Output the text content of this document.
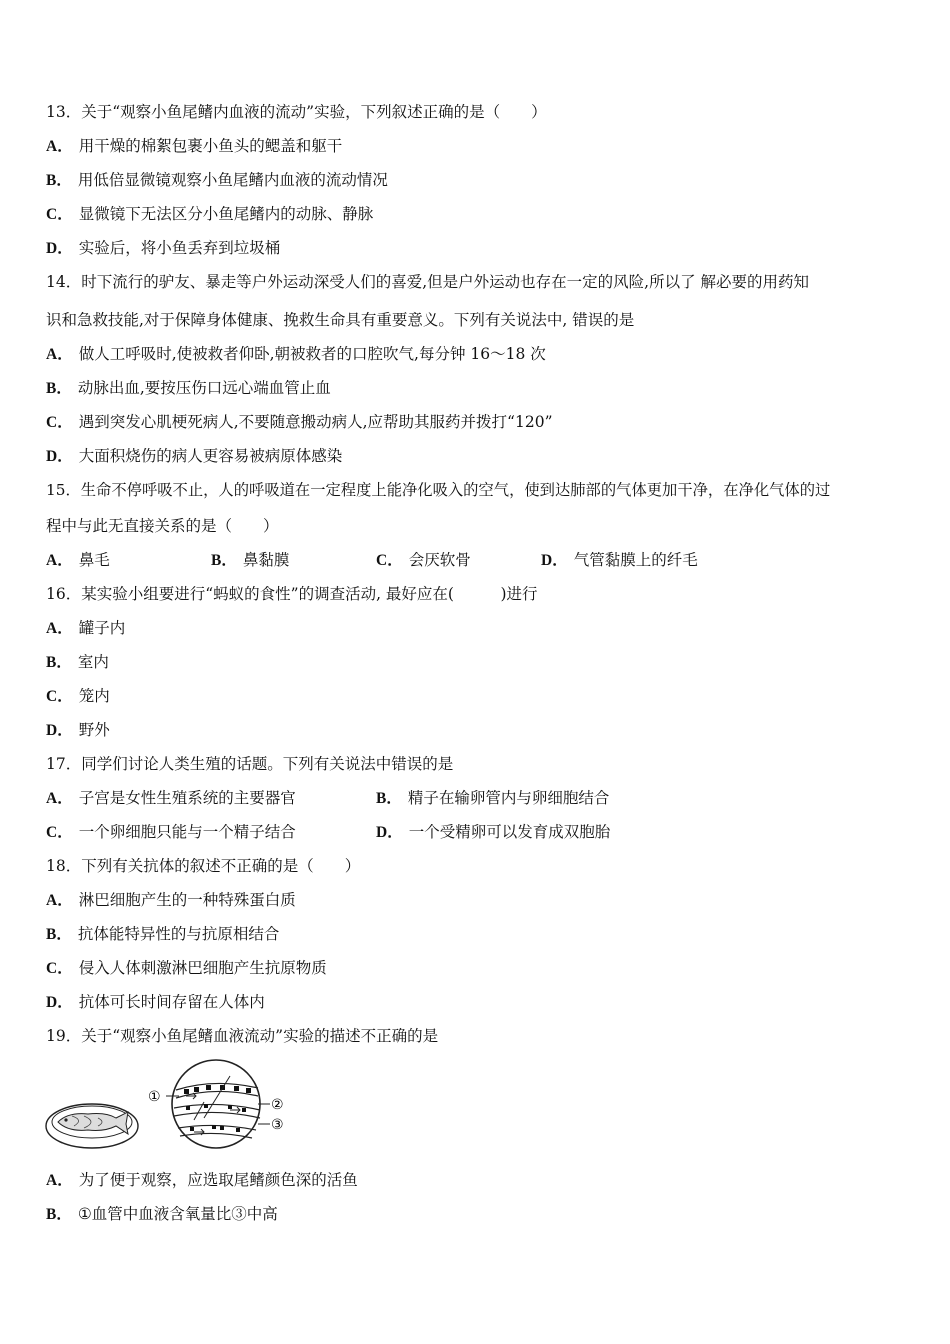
13．关于“观察小鱼尾鳍内血液的流动”实验，下列叙述正确的是（　　）
A． 用干燥的棉絮包裹小鱼头的鳃盖和躯干
B． 用低倍显微镜观察小鱼尾鳍内血液的流动情况
C． 显微镜下无法区分小鱼尾鳍内的动脉、静脉
D． 实验后，将小鱼丢弃到垃圾桶
14．时下流行的驴友、暴走等户外运动深受人们的喜爱,但是户外运动也存在一定的风险,所以了 解必要的用药知
识和急救技能,对于保障身体健康、挽救生命具有重要意义。下列有关说法中, 错误的是
A． 做人工呼吸时,使被救者仰卧,朝被救者的口腔吹气,每分钟 16～18 次
B． 动脉出血,要按压伤口远心端血管止血
C． 遇到突发心肌梗死病人,不要随意搬动病人,应帮助其服药并拨打“120”
D． 大面积烧伤的病人更容易被病原体感染
15．生命不停呼吸不止，人的呼吸道在一定程度上能净化吸入的空气，使到达肺部的气体更加干净，在净化气体的过
程中与此无直接关系的是（　　）
A． 鼻毛	B． 鼻黏膜	C． 会厌软骨	D． 气管黏膜上的纤毛
16．某实验小组要进行“蚂蚁的食性”的调查活动, 最好应在(　　　)进行
A． 罐子内
B． 室内
C． 笼内
D． 野外
17．同学们讨论人类生殖的话题。下列有关说法中错误的是
A． 子宫是女性生殖系统的主要器官	B． 精子在输卵管内与卵细胞结合
C． 一个卵细胞只能与一个精子结合	D． 一个受精卵可以发育成双胞胎
18．下列有关抗体的叙述不正确的是（　　）
A． 淋巴细胞产生的一种特殊蛋白质
B． 抗体能特异性的与抗原相结合
C． 侵入人体刺激淋巴细胞产生抗原物质
D． 抗体可长时间存留在人体内
19．关于“观察小鱼尾鳍血液流动”实验的描述不正确的是
①	②
③
A． 为了便于观察，应选取尾鳍颜色深的活鱼
B． ①血管中血液含氧量比③中高
